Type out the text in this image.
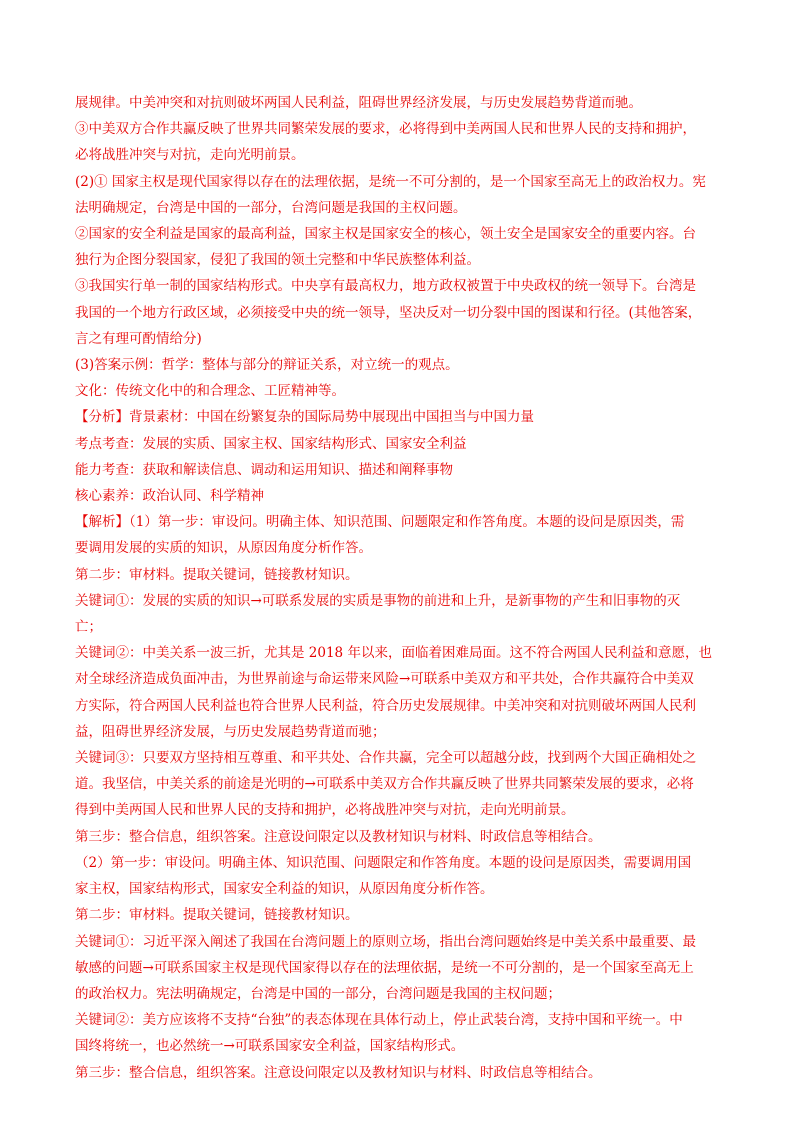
展规律。中美冲突和对抗则破坏两国人民利益，阻碍世界经济发展，与历史发展趋势背道而驰。

③中美双方合作共赢反映了世界共同繁荣发展的要求，必将得到中美两国人民和世界人民的支持和拥护，

必将战胜冲突与对抗，走向光明前景。

(2)① 国家主权是现代国家得以存在的法理依据，是统一不可分割的，是一个国家至高无上的政治权力。宪

法明确规定，台湾是中国的一部分，台湾问题是我国的主权问题。

②国家的安全利益是国家的最高利益，国家主权是国家安全的核心，领土安全是国家安全的重要内容。台

独行为企图分裂国家，侵犯了我国的领土完整和中华民族整体利益。

③我国实行单一制的国家结构形式。中央享有最高权力，地方政权被置于中央政权的统一领导下。台湾是

我国的一个地方行政区域，必须接受中央的统一领导，坚决反对一切分裂中国的图谋和行径。(其他答案，

言之有理可酌情给分)

(3)答案示例：哲学：整体与部分的辩证关系，对立统一的观点。

文化：传统文化中的和合理念、工匠精神等。

【分析】背景素材：中国在纷繁复杂的国际局势中展现出中国担当与中国力量

考点考查：发展的实质、国家主权、国家结构形式、国家安全利益

能力考查：获取和解读信息、调动和运用知识、描述和阐释事物

核心素养：政治认同、科学精神

【解析】（1）第一步：审设问。明确主体、知识范围、问题限定和作答角度。本题的设问是原因类，需

要调用发展的实质的知识，从原因角度分析作答。

第二步：审材料。提取关键词，链接教材知识。

关键词①：发展的实质的知识→可联系发展的实质是事物的前进和上升，是新事物的产生和旧事物的灭

亡；

关键词②：中美关系一波三折，尤其是 2018 年以来，面临着困难局面。这不符合两国人民利益和意愿，也

对全球经济造成负面冲击，为世界前途与命运带来风险→可联系中美双方和平共处，合作共赢符合中美双

方实际，符合两国人民利益也符合世界人民利益，符合历史发展规律。中美冲突和对抗则破坏两国人民利

益，阻碍世界经济发展，与历史发展趋势背道而驰；

关键词③：只要双方坚持相互尊重、和平共处、合作共赢，完全可以超越分歧，找到两个大国正确相处之

道。我坚信，中美关系的前途是光明的→可联系中美双方合作共赢反映了世界共同繁荣发展的要求，必将

得到中美两国人民和世界人民的支持和拥护，必将战胜冲突与对抗，走向光明前景。

第三步：整合信息，组织答案。注意设问限定以及教材知识与材料、时政信息等相结合。

（2）第一步：审设问。明确主体、知识范围、问题限定和作答角度。本题的设问是原因类，需要调用国

家主权，国家结构形式，国家安全利益的知识，从原因角度分析作答。

第二步：审材料。提取关键词，链接教材知识。

关键词①：习近平深入阐述了我国在台湾问题上的原则立场，指出台湾问题始终是中美关系中最重要、最

敏感的问题→可联系国家主权是现代国家得以存在的法理依据，是统一不可分割的，是一个国家至高无上

的政治权力。宪法明确规定，台湾是中国的一部分，台湾问题是我国的主权问题；

关键词②：美方应该将不支持“台独”的表态体现在具体行动上，停止武装台湾，支持中国和平统一。中

国终将统一，也必然统一→可联系国家安全利益，国家结构形式。

第三步：整合信息，组织答案。注意设问限定以及教材知识与材料、时政信息等相结合。
